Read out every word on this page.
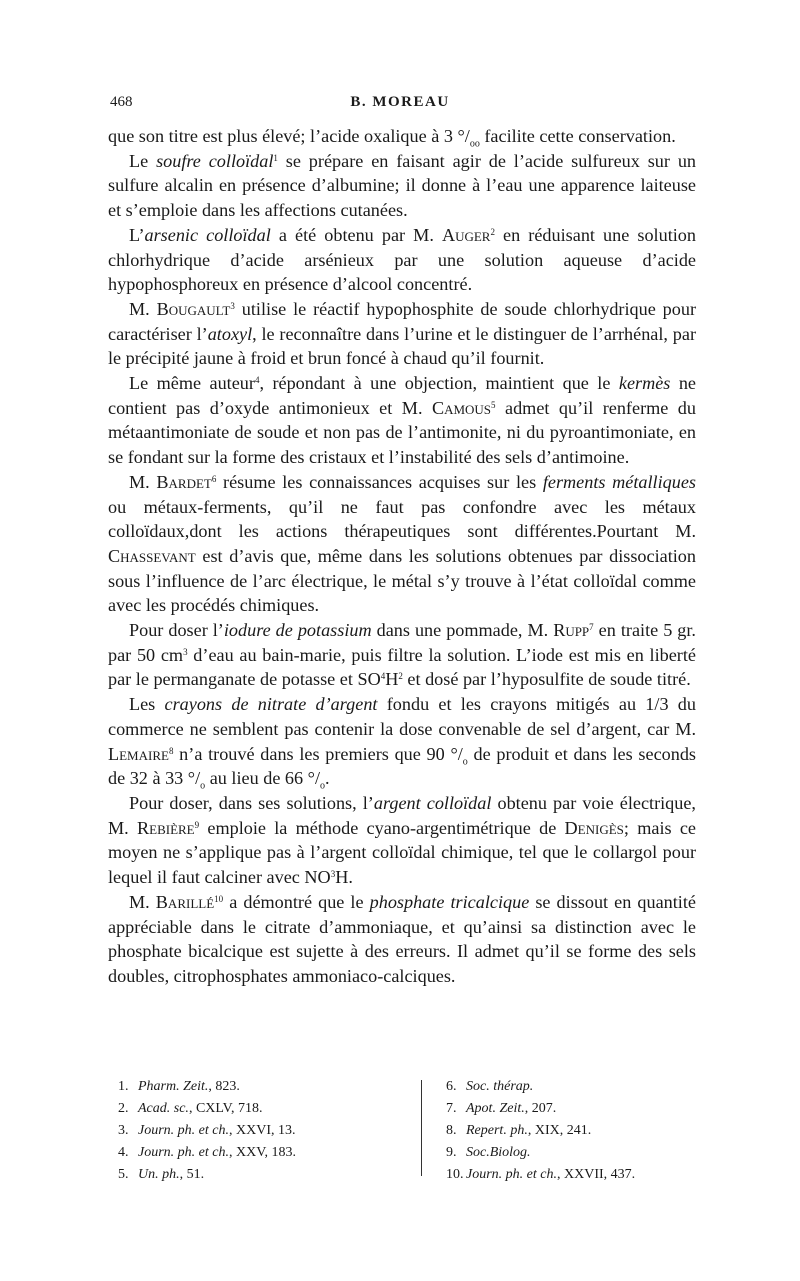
468	B. MOREAU

que son titre est plus élevé; l’acide oxalique à 3 $^\circ/_{oo}$ facilite cette conservation.

Le soufre colloïdal$^1$ se prépare en faisant agir de l’acide sulfureux sur un sulfure alcalin en présence d’albumine; il donne à l’eau une apparence laiteuse et s’emploie dans les affections cutanées.

L’arsenic colloïdal a été obtenu par M. Auger$^2$ en réduisant une solution chlorhydrique d’acide arsénieux par une solution aqueuse d’acide hypophosphoreux en présence d’alcool concentré.

M. Bougault$^3$ utilise le réactif hypophosphite de soude chlorhydrique pour caractériser l’atoxyl, le reconnaître dans l’urine et le distinguer de l’arrhénal, par le précipité jaune à froid et brun foncé à chaud qu’il fournit.

Le même auteur$^4$, répondant à une objection, maintient que le kermès ne contient pas d’oxyde antimonieux et M. Camous$^5$ admet qu’il renferme du métaantimoniate de soude et non pas de l’antimonite, ni du pyroantimoniate, en se fondant sur la forme des cristaux et l’instabilité des sels d’antimoine.

M. Bardet$^6$ résume les connaissances acquises sur les ferments métalliques ou métaux-ferments, qu’il ne faut pas confondre avec les métaux colloïdaux,dont les actions thérapeutiques sont différentes.Pourtant M. Chassevant est d’avis que, même dans les solutions obtenues par dissociation sous l’influence de l’arc électrique, le métal s’y trouve à l’état colloïdal comme avec les procédés chimiques.

Pour doser l’iodure de potassium dans une pommade, M. Rupp$^7$ en traite 5 gr. par 50 $cm^3$ d’eau au bain-marie, puis filtre la solution. L’iode est mis en liberté par le permanganate de potasse et $SO^4H^2$ et dosé par l’hyposulfite de soude titré.

Les crayons de nitrate d’argent fondu et les crayons mitigés au 1/3 du commerce ne semblent pas contenir la dose convenable de sel d’argent, car M. Lemaire$^8$ n’a trouvé dans les premiers que 90 $^\circ/_o$ de produit et dans les seconds de 32 à 33 $^\circ/_o$ au lieu de 66 $^\circ/_o$.

Pour doser, dans ses solutions, l’argent colloïdal obtenu par voie électrique, M. Rebière$^9$ emploie la méthode cyano-argentimétrique de Denigès; mais ce moyen ne s’applique pas à l’argent colloïdal chimique, tel que le collargol pour lequel il faut calciner avec $NO^3H$.

M. Barillé$^{10}$ a démontré que le phosphate tricalcique se dissout en quantité appréciable dans le citrate d’ammoniaque, et qu’ainsi sa distinction avec le phosphate bicalcique est sujette à des erreurs. Il admet qu’il se forme des sels doubles, citrophosphates ammoniaco-calciques.

1. Pharm. Zeit., 823.
2. Acad. sc., CXLV, 718.
3. Journ. ph. et ch., XXVI, 13.
4. Journ. ph. et ch., XXV, 183.
5. Un. ph., 51.
6. Soc. thérap.
7. Apot. Zeit., 207.
8. Repert. ph., XIX, 241.
9. Soc.Biolog.
10. Journ. ph. et ch., XXVII, 437.
